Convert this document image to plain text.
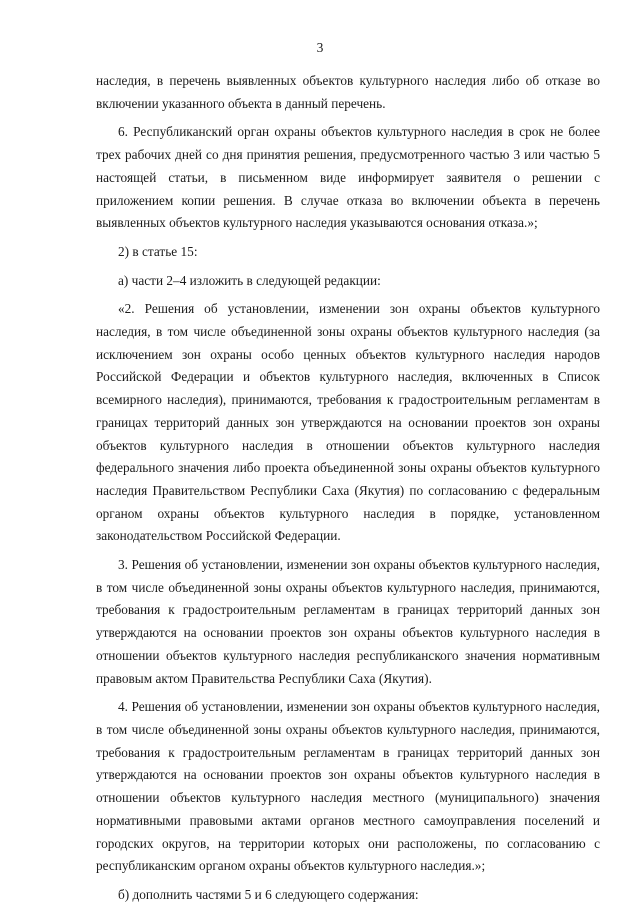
3

наследия, в перечень выявленных объектов культурного наследия либо об отказе во включении указанного объекта в данный перечень.

6. Республиканский орган охраны объектов культурного наследия в срок не более трех рабочих дней со дня принятия решения, предусмотренного частью 3 или частью 5 настоящей статьи, в письменном виде информирует заявителя о решении с приложением копии решения. В случае отказа во включении объекта в перечень выявленных объектов культурного наследия указываются основания отказа.»;

2) в статье 15:

а) части 2–4 изложить в следующей редакции:

«2. Решения об установлении, изменении зон охраны объектов культурного наследия, в том числе объединенной зоны охраны объектов культурного наследия (за исключением зон охраны особо ценных объектов культурного наследия народов Российской Федерации и объектов культурного наследия, включенных в Список всемирного наследия), принимаются, требования к градостроительным регламентам в границах территорий данных зон утверждаются на основании проектов зон охраны объектов культурного наследия в отношении объектов культурного наследия федерального значения либо проекта объединенной зоны охраны объектов культурного наследия Правительством Республики Саха (Якутия) по согласованию с федеральным органом охраны объектов культурного наследия в порядке, установленном законодательством Российской Федерации.

3. Решения об установлении, изменении зон охраны объектов культурного наследия, в том числе объединенной зоны охраны объектов культурного наследия, принимаются, требования к градостроительным регламентам в границах территорий данных зон утверждаются на основании проектов зон охраны объектов культурного наследия в отношении объектов культурного наследия республиканского значения нормативным правовым актом Правительства Республики Саха (Якутия).

4. Решения об установлении, изменении зон охраны объектов культурного наследия, в том числе объединенной зоны охраны объектов культурного наследия, принимаются, требования к градостроительным регламентам в границах территорий данных зон утверждаются на основании проектов зон охраны объектов культурного наследия в отношении объектов культурного наследия местного (муниципального) значения нормативными правовыми актами органов местного самоуправления поселений и городских округов, на территории которых они расположены, по согласованию с республиканским органом охраны объектов культурного наследия.»;

б) дополнить частями 5 и 6 следующего содержания:
